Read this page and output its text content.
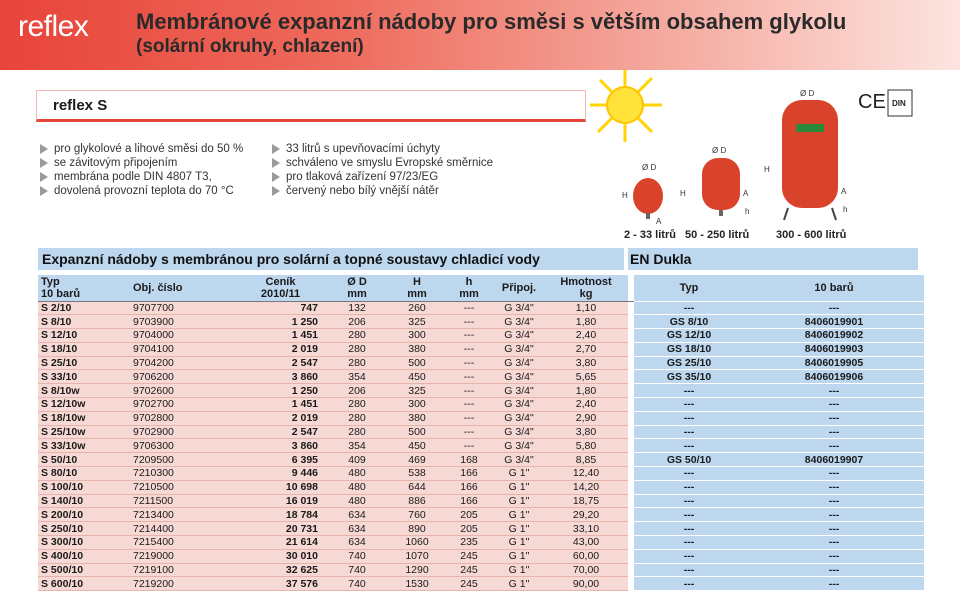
reflex Membránové expanzní nádoby pro směsi s větším obsahem glykolu
(solární okruhy, chlazení)
reflex S
pro glykolové a lihové směsi do 50 %
se závitovým připojením
membrána podle DIN 4807 T3,
dovolená provozní teplota do 70 °C
33 litrů s upevňovacími úchyty
schváleno ve smyslu Evropské směrnice
pro tlaková zařízení 97/23/EG
červený nebo bílý vnější nátěr
CE DIN
Ø D
H
A
Ø D
H	A
h
Ø D
H
A
h
2 - 33 litrů 50 - 250 litrů 300 - 600 litrů
Expanzní nádoby s membránou pro solární a topné soustavy chladicí vody	EN Dukla
Typ	Obj. číslo	Ceník	Ø D	H	h	Připoj.	Hmotnost		Typ	10 barů
10 barů		2010/11	mm	mm	mm		kg			
S 2/10	9707700	747	132	260	---	G 3/4"	1,10		---	---
S 8/10	9703900	1 250	206	325	---	G 3/4"	1,80		GS 8/10	8406019901
S 12/10	9704000	1 451	280	300	---	G 3/4"	2,40		GS 12/10	8406019902
S 18/10	9704100	2 019	280	380	---	G 3/4"	2,70		GS 18/10	8406019903
S 25/10	9704200	2 547	280	500	---	G 3/4"	3,80		GS 25/10	8406019905
S 33/10	9706200	3 860	354	450	---	G 3/4"	5,65		GS 35/10	8406019906
S 8/10w	9702600	1 250	206	325	---	G 3/4"	1,80		---	---
S 12/10w	9702700	1 451	280	300	---	G 3/4"	2,40		---	---
S 18/10w	9702800	2 019	280	380	---	G 3/4"	2,90		---	---
S 25/10w	9702900	2 547	280	500	---	G 3/4"	3,80		---	---
S 33/10w	9706300	3 860	354	450	---	G 3/4"	5,80		---	---
S 50/10	7209500	6 395	409	469	168	G 3/4"	8,85		GS 50/10	8406019907
S 80/10	7210300	9 446	480	538	166	G 1"	12,40		---	---
S 100/10	7210500	10 698	480	644	166	G 1"	14,20		---	---
S 140/10	7211500	16 019	480	886	166	G 1"	18,75		---	---
S 200/10	7213400	18 784	634	760	205	G 1"	29,20		---	---
S 250/10	7214400	20 731	634	890	205	G 1"	33,10		---	---
S 300/10	7215400	21 614	634	1060	235	G 1"	43,00		---	---
S 400/10	7219000	30 010	740	1070	245	G 1"	60,00		---	---
S 500/10	7219100	32 625	740	1290	245	G 1"	70,00		---	---
S 600/10	7219200	37 576	740	1530	245	G 1"	90,00		---	---
